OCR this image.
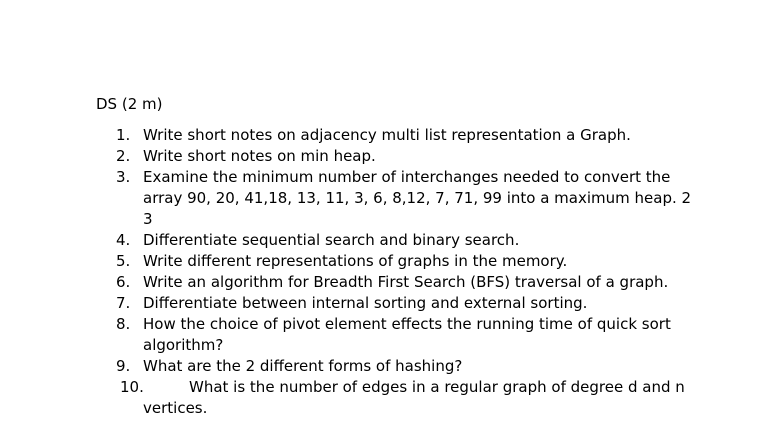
DS (2 m)
1. Write short notes on adjacency multi list representation a Graph.
2. Write short notes on min heap.
3. Examine the minimum number of interchanges needed to convert the array 90, 20, 41,18, 13, 11, 3, 6, 8,12, 7, 71, 99 into a maximum heap. 2 3
4. Differentiate sequential search and binary search.
5. Write different representations of graphs in the memory.
6. Write an algorithm for Breadth First Search (BFS) traversal of a graph.
7. Differentiate between internal sorting and external sorting.
8. How the choice of pivot element effects the running time of quick sort algorithm?
9. What are the 2 different forms of hashing?
10.	What is the number of edges in a regular graph of degree d and n vertices.
